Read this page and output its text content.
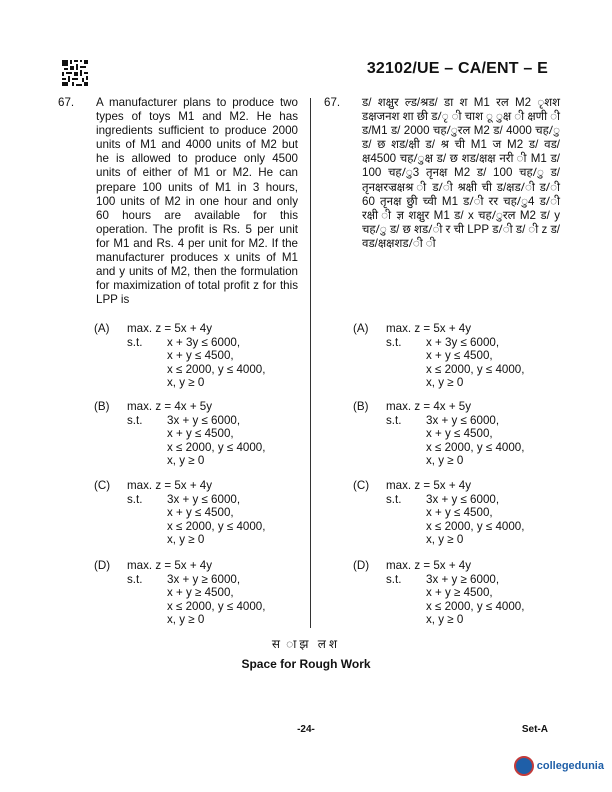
32102/UE – CA/ENT – E
67. A manufacturer plans to produce two types of toys M1 and M2. He has ingredients sufficient to produce 2000 units of M1 and 4000 units of M2 but he is allowed to produce only 4500 units of either of M1 or M2. He can prepare 100 units of M1 in 3 hours, 100 units of M2 in one hour and only 60 hours are available for this operation. The profit is Rs. 5 per unit for M1 and Rs. 4 per unit for M2. If the manufacturer produces x units of M1 and y units of M2, then the formulation for maximization of total profit z for this LPP is
67. ड/ शक्षुर ल्ड/श्रड/ डा श M1 रल M2 ृशश डक्षजनश शा छी ड/ृ ी चाश ू ुक्ष ी क्षणी ी ड/M1 ड/ 2000 चह/ुरल M2 ड/ 4000 चह/ुड/ छ शड/क्षी ड/ श्र ची M1 ज M2 ड/ वड/क्ष4500 चह/ुक्ष ड/ छ शड/क्षक्ष नरी ी M1 ड/ 100 चह/ु3 तृनक्ष M2 ड/ 100 चह/ु ड/तृनक्षरज्रक्षश्र ी ड/ी श्रक्षी ची ड/क्षड/ी ड/ी 60 तृनक्ष छुी च्वी M1 ड/ी रर चह/ु4 ड/ी रक्षी ी ज्ञ शक्षुर M1 ड/ x चह/ुरल M2 ड/ y चह/ु ड/ छ शड/ी र ची LPP ड/ी ड/ ी z ड/ वड/क्षक्षशड/ी ी
(A) max. z = 5x + 4y
s.t. x + 3y ≤ 6000,
x + y ≤ 4500,
x ≤ 2000, y ≤ 4000,
x, y ≥ 0
(B) max. z = 4x + 5y
s.t. 3x + y ≤ 6000,
x + y ≤ 4500,
x ≤ 2000, y ≤ 4000,
x, y ≥ 0
(C) max. z = 5x + 4y
s.t. 3x + y ≤ 6000,
x + y ≤ 4500,
x ≤ 2000, y ≤ 4000,
x, y ≥ 0
(D) max. z = 5x + 4y
s.t. 3x + y ≥ 6000,
x + y ≥ 4500,
x ≤ 2000, y ≤ 4000,
x, y ≥ 0
(A) max. z = 5x + 4y
s.t. x + 3y ≤ 6000,
x + y ≤ 4500,
x ≤ 2000, y ≤ 4000,
x, y ≥ 0
(B) max. z = 4x + 5y
s.t. 3x + y ≤ 6000,
x + y ≤ 4500,
x ≤ 2000, y ≤ 4000,
x, y ≥ 0
(C) max. z = 5x + 4y
s.t. 3x + y ≤ 6000,
x + y ≤ 4500,
x ≤ 2000, y ≤ 4000,
x, y ≥ 0
(D) max. z = 5x + 4y
s.t. 3x + y ≥ 6000,
x + y ≥ 4500,
x ≤ 2000, y ≤ 4000,
x, y ≥ 0
स ाझ लश
Space for Rough Work
-24-	Set-A
collegedunia
